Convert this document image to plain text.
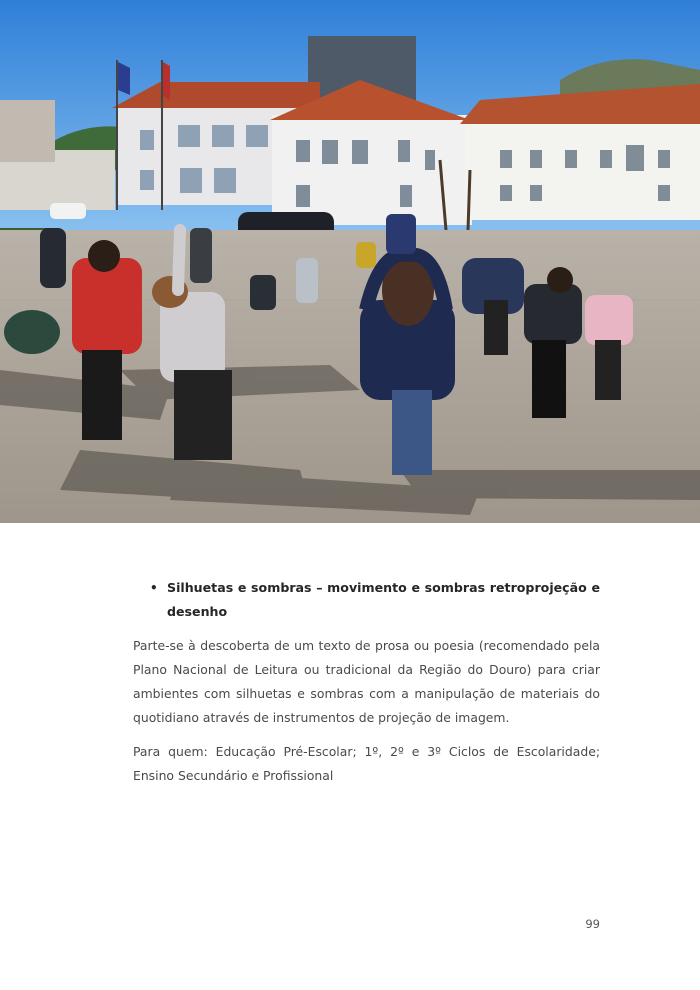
• Silhuetas e sombras – movimento e sombras retroprojeção e desenho
Parte-se à descoberta de um texto de prosa ou poesia (recomendado pela Plano Nacional de Leitura ou tradicional da Região do Douro) para criar ambientes com silhuetas e sombras com a manipulação de materiais do quotidiano através de instrumentos de projeção de imagem.
Para quem: Educação Pré-Escolar; 1º, 2º e 3º Ciclos de Escolaridade; Ensino Secundário e Profissional
99
